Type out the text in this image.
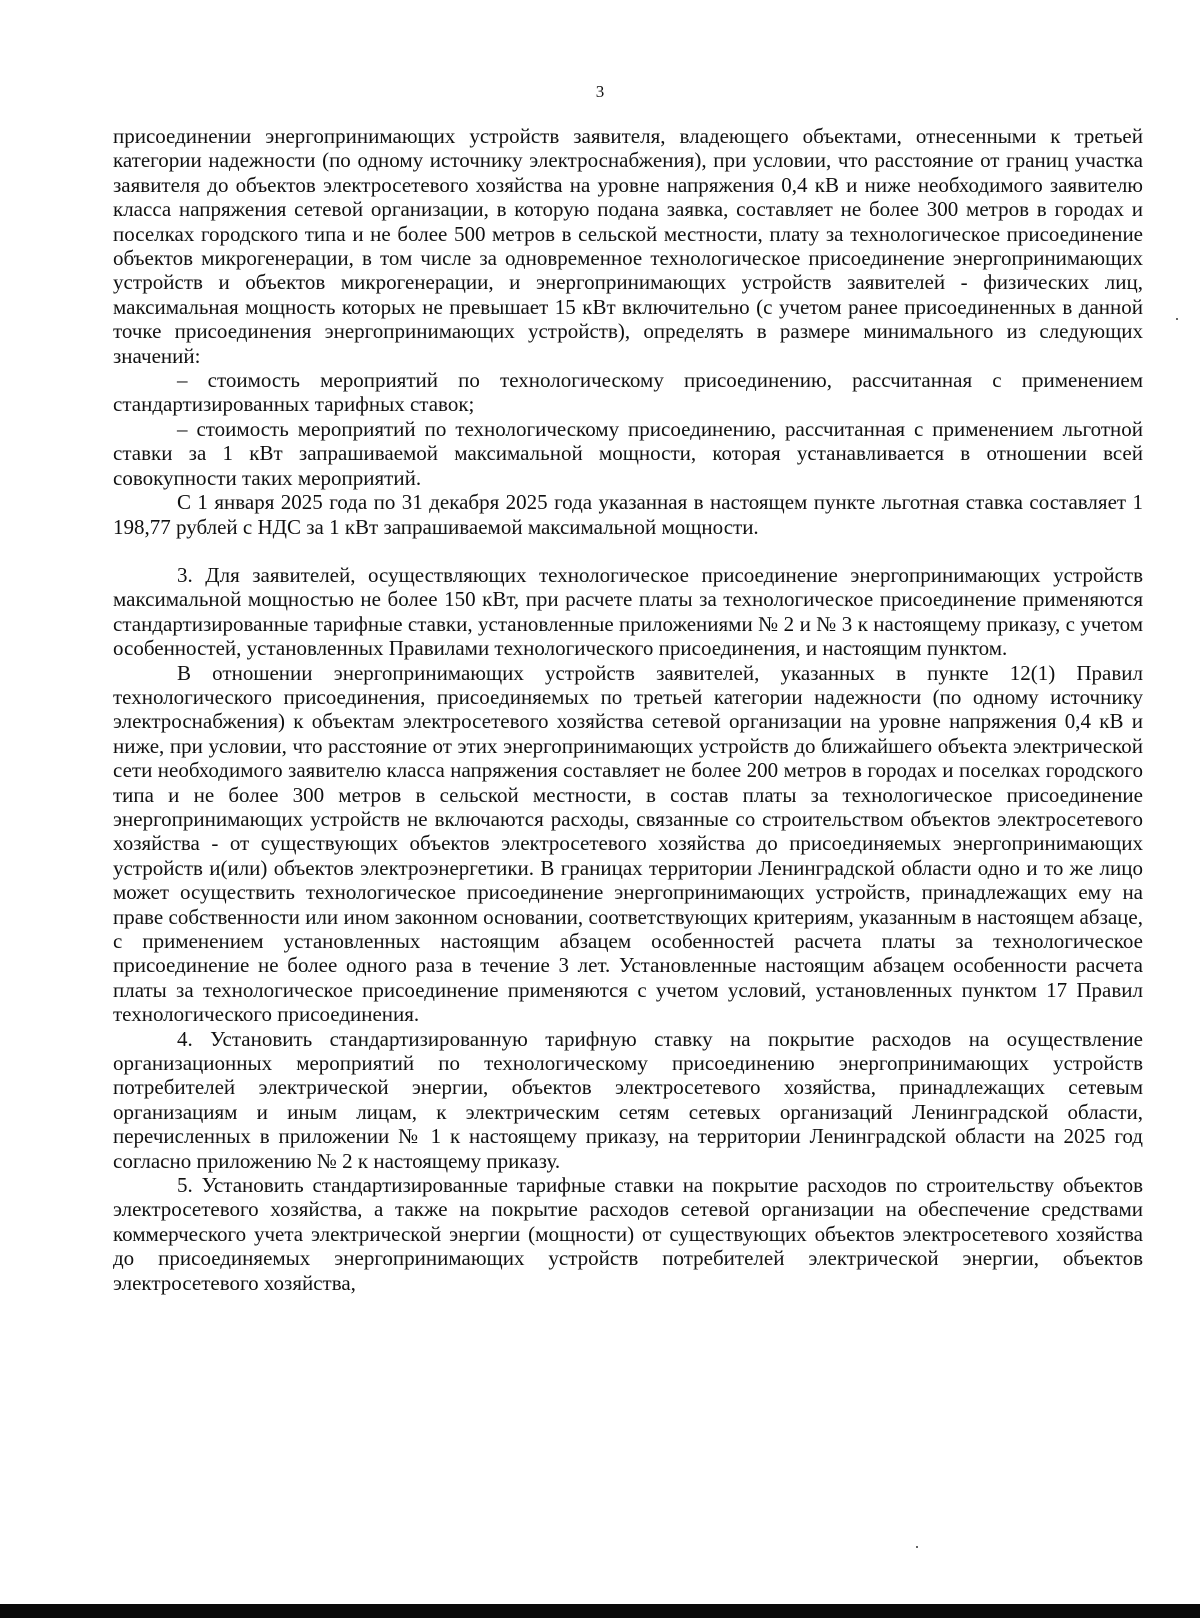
3

присоединении энергопринимающих устройств заявителя, владеющего объектами, отнесенными к третьей категории надежности (по одному источнику электроснабжения), при условии, что расстояние от границ участка заявителя до объектов электросетевого хозяйства на уровне напряжения 0,4 кВ и ниже необходимого заявителю класса напряжения сетевой организации, в которую подана заявка, составляет не более 300 метров в городах и поселках городского типа и не более 500 метров в сельской местности, плату за технологическое присоединение объектов микрогенерации, в том числе за одновременное технологическое присоединение энергопринимающих устройств и объектов микрогенерации, и энергопринимающих устройств заявителей - физических лиц, максимальная мощность которых не превышает 15 кВт включительно (с учетом ранее присоединенных в данной точке присоединения энергопринимающих устройств), определять в размере минимального из следующих значений:

– стоимость мероприятий по технологическому присоединению, рассчитанная с применением стандартизированных тарифных ставок;

– стоимость мероприятий по технологическому присоединению, рассчитанная с применением льготной ставки за 1 кВт запрашиваемой максимальной мощности, которая устанавливается в отношении всей совокупности таких мероприятий.

С 1 января 2025 года по 31 декабря 2025 года указанная в настоящем пункте льготная ставка составляет 1 198,77 рублей с НДС за 1 кВт запрашиваемой максимальной мощности.

3. Для заявителей, осуществляющих технологическое присоединение энергопринимающих устройств максимальной мощностью не более 150 кВт, при расчете платы за технологическое присоединение применяются стандартизированные тарифные ставки, установленные приложениями № 2 и № 3 к настоящему приказу, с учетом особенностей, установленных Правилами технологического присоединения, и настоящим пунктом.

В отношении энергопринимающих устройств заявителей, указанных в пункте 12(1) Правил технологического присоединения, присоединяемых по третьей категории надежности (по одному источнику электроснабжения) к объектам электросетевого хозяйства сетевой организации на уровне напряжения 0,4 кВ и ниже, при условии, что расстояние от этих энергопринимающих устройств до ближайшего объекта электрической сети необходимого заявителю класса напряжения составляет не более 200 метров в городах и поселках городского типа и не более 300 метров в сельской местности, в состав платы за технологическое присоединение энергопринимающих устройств не включаются расходы, связанные со строительством объектов электросетевого хозяйства - от существующих объектов электросетевого хозяйства до присоединяемых энергопринимающих устройств и(или) объектов электроэнергетики. В границах территории Ленинградской области одно и то же лицо может осуществить технологическое присоединение энергопринимающих устройств, принадлежащих ему на праве собственности или ином законном основании, соответствующих критериям, указанным в настоящем абзаце, с применением установленных настоящим абзацем особенностей расчета платы за технологическое присоединение не более одного раза в течение 3 лет. Установленные настоящим абзацем особенности расчета платы за технологическое присоединение применяются с учетом условий, установленных пунктом 17 Правил технологического присоединения.

4. Установить стандартизированную тарифную ставку на покрытие расходов на осуществление организационных мероприятий по технологическому присоединению энергопринимающих устройств потребителей электрической энергии, объектов электросетевого хозяйства, принадлежащих сетевым организациям и иным лицам, к электрическим сетям сетевых организаций Ленинградской области, перечисленных в приложении № 1 к настоящему приказу, на территории Ленинградской области на 2025 год согласно приложению № 2 к настоящему приказу.

5. Установить стандартизированные тарифные ставки на покрытие расходов по строительству объектов электросетевого хозяйства, а также на покрытие расходов сетевой организации на обеспечение средствами коммерческого учета электрической энергии (мощности) от существующих объектов электросетевого хозяйства до присоединяемых энергопринимающих устройств потребителей электрической энергии, объектов электросетевого хозяйства,
